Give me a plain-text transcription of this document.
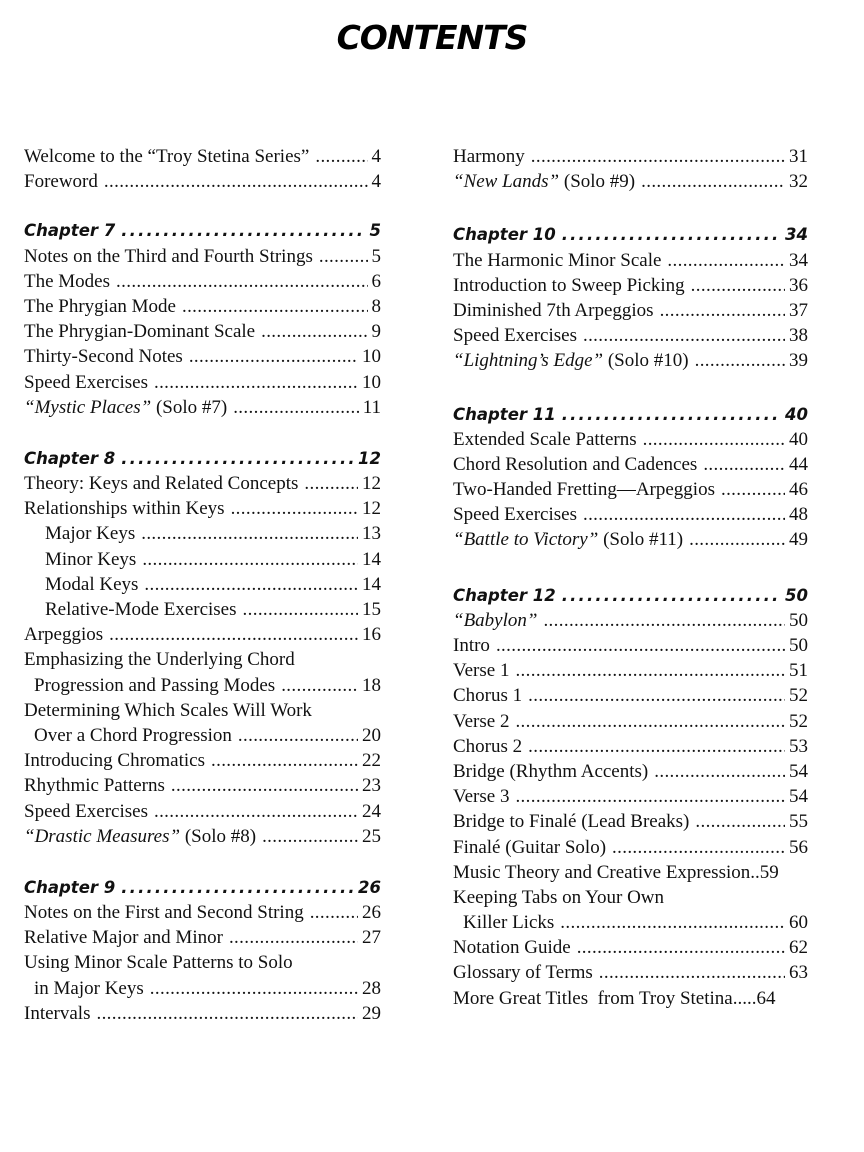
CONTENTS
Welcome to the “Troy Stetina Series” . . .	4
Foreword . . .	4
Chapter 7 . . .	5
Notes on the Third and Fourth Strings . . .	5
The Modes . . .	6
The Phrygian Mode . . .	8
The Phrygian-Dominant Scale . . .	9
Thirty-Second Notes . . .	10
Speed Exercises . . .	10
“Mystic Places” (Solo #7) . . .	11
Chapter 8 . . .	12
Theory: Keys and Related Concepts . . .	12
Relationships within Keys . . .	12
Major Keys . . .	13
Minor Keys . . .	14
Modal Keys . . .	14
Relative-Mode Exercises . . .	15
Arpeggios . . .	16
Emphasizing the Underlying Chord
Progression and Passing Modes . . .	18
Determining Which Scales Will Work
Over a Chord Progression . . .	20
Introducing Chromatics . . .	22
Rhythmic Patterns . . .	23
Speed Exercises . . .	24
“Drastic Measures” (Solo #8) . . .	25
Chapter 9 . . .	26
Notes on the First and Second String . . .	26
Relative Major and Minor . . .	27
Using Minor Scale Patterns to Solo
in Major Keys . . .	28
Intervals . . .	29
Harmony . . .	31
“New Lands” (Solo #9) . . .	32
Chapter 10 . . .	34
The Harmonic Minor Scale . . .	34
Introduction to Sweep Picking . . .	36
Diminished 7th Arpeggios . . .	37
Speed Exercises . . .	38
“Lightning’s Edge” (Solo #10) . . .	39
Chapter 11 . . .	40
Extended Scale Patterns . . .	40
Chord Resolution and Cadences . . .	44
Two-Handed Fretting—Arpeggios . . .	46
Speed Exercises . . .	48
“Battle to Victory” (Solo #11) . . .	49
Chapter 12 . . .	50
“Babylon” . . .	50
Intro . . .	50
Verse 1 . . .	51
Chorus 1 . . .	52
Verse 2 . . .	52
Chorus 2 . . .	53
Bridge (Rhythm Accents) . . .	54
Verse 3 . . .	54
Bridge to Finalé (Lead Breaks) . . .	55
Finalé (Guitar Solo) . . .	56
Music Theory and Creative Expression.. 59
Keeping Tabs on Your Own
Killer Licks . . .	60
Notation Guide . . .	62
Glossary of Terms . . .	63
More Great Titles  from Troy Stetina..... 64
